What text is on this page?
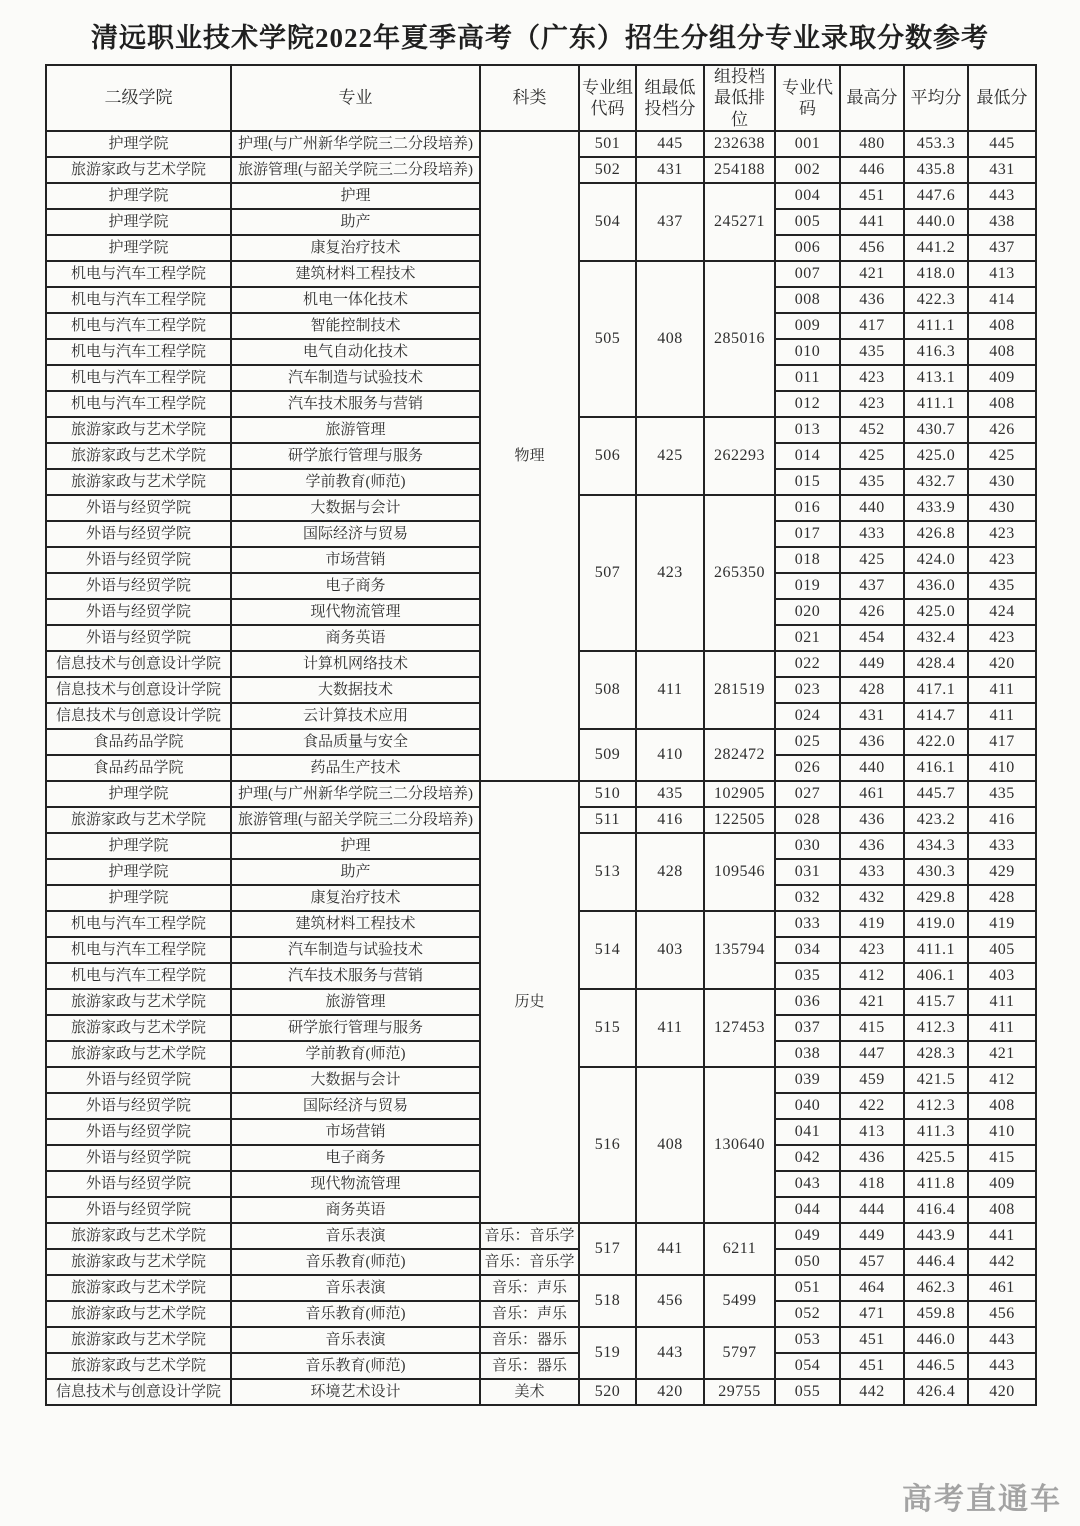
清远职业技术学院2022年夏季高考（广东）招生分组分专业录取分数参考
二级学院	专业	科类	专业组代码	组最低投档分	组投档最低排位	专业代码	最高分	平均分	最低分
护理学院	护理(与广州新华学院三二分段培养)	物理	501	445	232638	001	480	453.3	445
旅游家政与艺术学院	旅游管理(与韶关学院三二分段培养)		502	431	254188	002	446	435.8	431
护理学院	护理		504	437	245271	004	451	447.6	443
护理学院	助产					005	441	440.0	438
护理学院	康复治疗技术					006	456	441.2	437
机电与汽车工程学院	建筑材料工程技术		505	408	285016	007	421	418.0	413
机电与汽车工程学院	机电一体化技术					008	436	422.3	414
机电与汽车工程学院	智能控制技术					009	417	411.1	408
机电与汽车工程学院	电气自动化技术					010	435	416.3	408
机电与汽车工程学院	汽车制造与试验技术					011	423	413.1	409
机电与汽车工程学院	汽车技术服务与营销					012	423	411.1	408
旅游家政与艺术学院	旅游管理		506	425	262293	013	452	430.7	426
旅游家政与艺术学院	研学旅行管理与服务					014	425	425.0	425
旅游家政与艺术学院	学前教育(师范)					015	435	432.7	430
外语与经贸学院	大数据与会计		507	423	265350	016	440	433.9	430
外语与经贸学院	国际经济与贸易					017	433	426.8	423
外语与经贸学院	市场营销					018	425	424.0	423
外语与经贸学院	电子商务					019	437	436.0	435
外语与经贸学院	现代物流管理					020	426	425.0	424
外语与经贸学院	商务英语					021	454	432.4	423
信息技术与创意设计学院	计算机网络技术		508	411	281519	022	449	428.4	420
信息技术与创意设计学院	大数据技术					023	428	417.1	411
信息技术与创意设计学院	云计算技术应用					024	431	414.7	411
食品药品学院	食品质量与安全		509	410	282472	025	436	422.0	417
食品药品学院	药品生产技术					026	440	416.1	410
护理学院	护理(与广州新华学院三二分段培养)	历史	510	435	102905	027	461	445.7	435
旅游家政与艺术学院	旅游管理(与韶关学院三二分段培养)		511	416	122505	028	436	423.2	416
护理学院	护理		513	428	109546	030	436	434.3	433
护理学院	助产					031	433	430.3	429
护理学院	康复治疗技术					032	432	429.8	428
机电与汽车工程学院	建筑材料工程技术		514	403	135794	033	419	419.0	419
机电与汽车工程学院	汽车制造与试验技术					034	423	411.1	405
机电与汽车工程学院	汽车技术服务与营销					035	412	406.1	403
旅游家政与艺术学院	旅游管理		515	411	127453	036	421	415.7	411
旅游家政与艺术学院	研学旅行管理与服务					037	415	412.3	411
旅游家政与艺术学院	学前教育(师范)					038	447	428.3	421
外语与经贸学院	大数据与会计		516	408	130640	039	459	421.5	412
外语与经贸学院	国际经济与贸易					040	422	412.3	408
外语与经贸学院	市场营销					041	413	411.3	410
外语与经贸学院	电子商务					042	436	425.5	415
外语与经贸学院	现代物流管理					043	418	411.8	409
外语与经贸学院	商务英语					044	444	416.4	408
旅游家政与艺术学院	音乐表演	音乐：音乐学	517	441	6211	049	449	443.9	441
旅游家政与艺术学院	音乐教育(师范)	音乐：音乐学				050	457	446.4	442
旅游家政与艺术学院	音乐表演	音乐：声乐	518	456	5499	051	464	462.3	461
旅游家政与艺术学院	音乐教育(师范)	音乐：声乐				052	471	459.8	456
旅游家政与艺术学院	音乐表演	音乐：器乐	519	443	5797	053	451	446.0	443
旅游家政与艺术学院	音乐教育(师范)	音乐：器乐				054	451	446.5	443
信息技术与创意设计学院	环境艺术设计	美术	520	420	29755	055	442	426.4	420
高考直通车
